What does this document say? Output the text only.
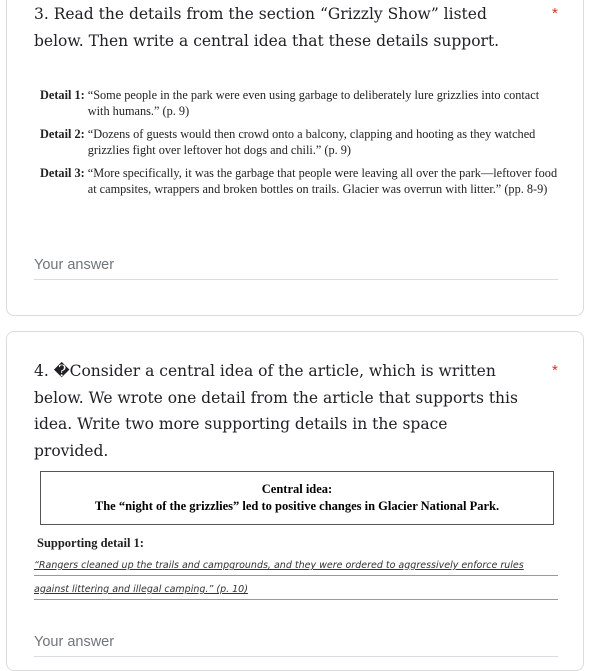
3. Read the details from the section “Grizzly Show” listed below. Then write a central idea that these details support.
*
Detail 1: “Some people in the park were even using garbage to deliberately lure grizzlies into contact with humans.” (p. 9)
Detail 2: “Dozens of guests would then crowd onto a balcony, clapping and hooting as they watched grizzlies fight over leftover hot dogs and chili.” (p. 9)
Detail 3: “More specifically, it was the garbage that people were leaving all over the park—leftover food at campsites, wrappers and broken bottles on trails. Glacier was overrun with litter.” (pp. 8-9)
Your answer
4. �Consider a central idea of the article, which is written below. We wrote one detail from the article that supports this idea. Write two more supporting details in the space provided.
*
Central idea:
The “night of the grizzlies” led to positive changes in Glacier National Park.
Supporting detail 1:
“Rangers cleaned up the trails and campgrounds, and they were ordered to aggressively enforce rules
against littering and illegal camping.” (p. 10)
Your answer
